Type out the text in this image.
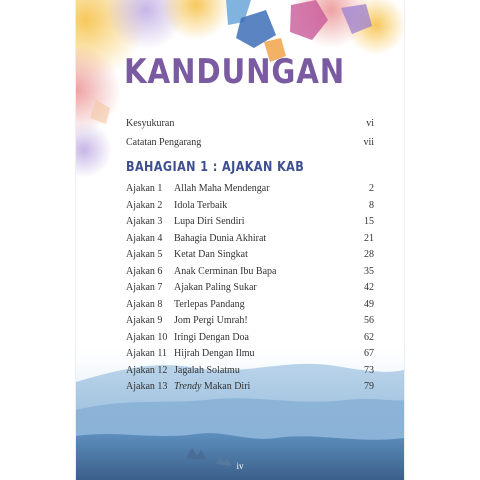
KANDUNGAN
Kesyukuran	vi
Catatan Pengarang	vii
BAHAGIAN 1 : AJAKAN KAB
Ajakan 1 Allah Maha Mendengar	2
Ajakan 2 Idola Terbaik	8
Ajakan 3 Lupa Diri Sendiri	15
Ajakan 4 Bahagia Dunia Akhirat	21
Ajakan 5 Ketat Dan Singkat	28
Ajakan 6 Anak Cerminan Ibu Bapa	35
Ajakan 7 Ajakan Paling Sukar	42
Ajakan 8 Terlepas Pandang	49
Ajakan 9 Jom Pergi Umrah!	56
Ajakan 10 Iringi Dengan Doa	62
Ajakan 11 Hijrah Dengan Ilmu	67
Ajakan 12 Jagalah Solatmu	73
Ajakan 13 Trendy Makan Diri	79
iv
